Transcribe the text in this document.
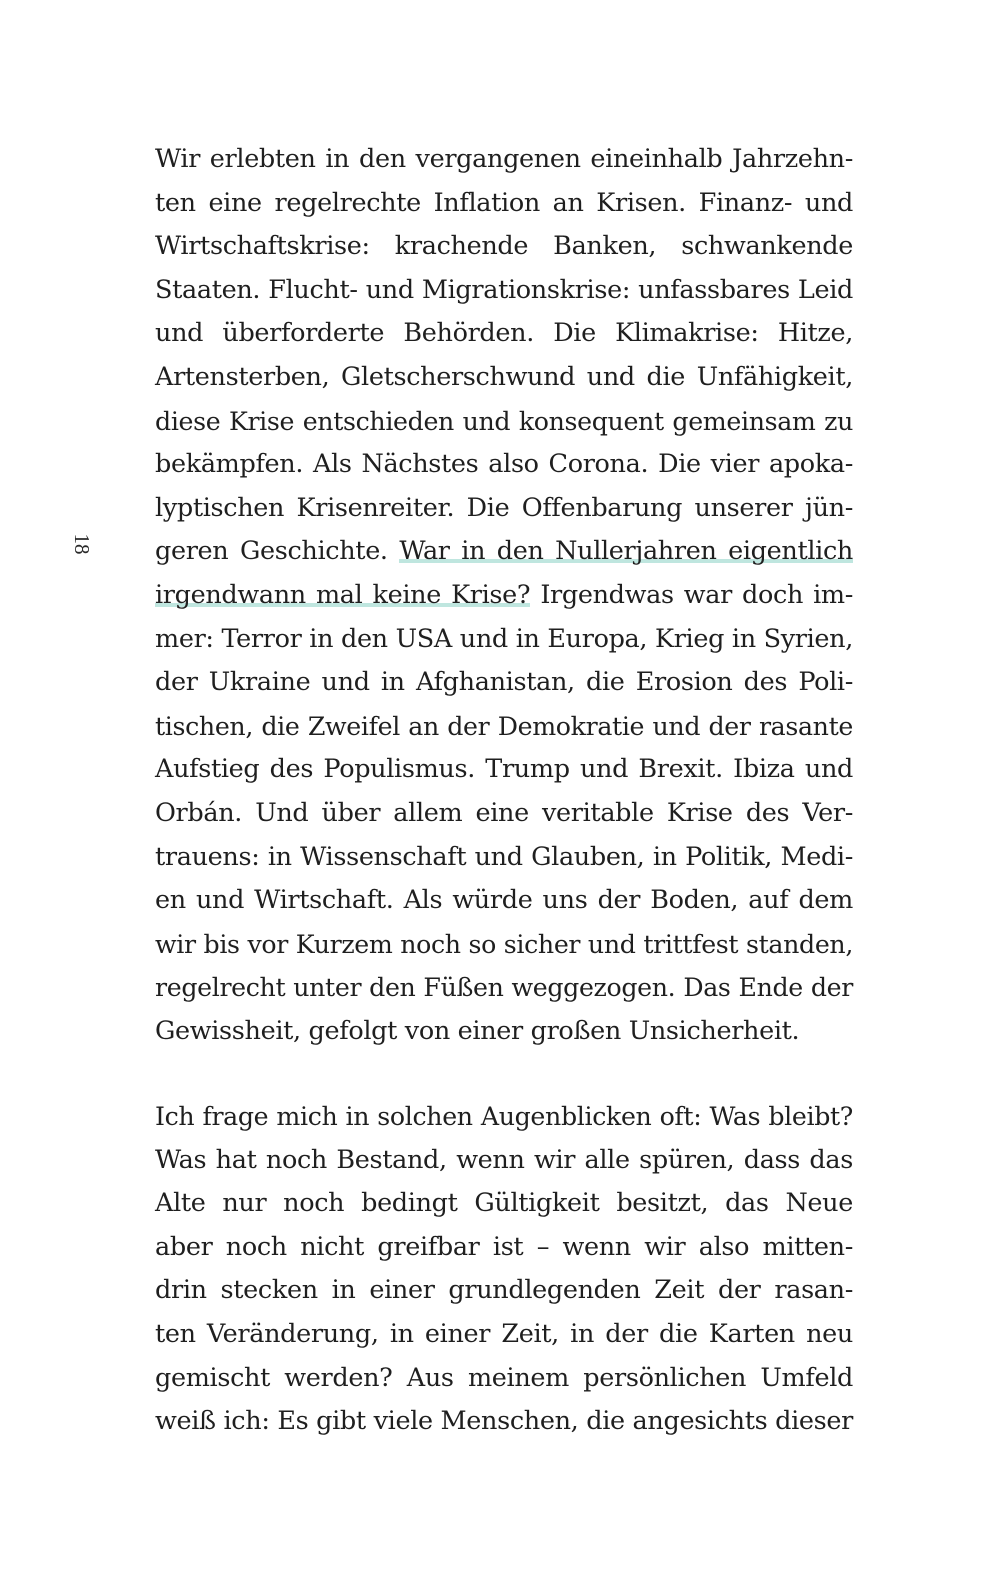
18
Wir erlebten in den vergangenen eineinhalb Jahrzehn-
ten eine regelrechte Inflation an Krisen. Finanz- und
Wirtschaftskrise: krachende Banken, schwankende
Staaten. Flucht- und Migrationskrise: unfassbares Leid
und überforderte Behörden. Die Klimakrise: Hitze,
Artensterben, Gletscherschwund und die Unfähigkeit,
diese Krise entschieden und konsequent gemeinsam zu
bekämpfen. Als Nächstes also Corona. Die vier apoka-
lyptischen Krisenreiter. Die Offenbarung unserer jün-
geren Geschichte. War in den Nullerjahren eigentlich
irgendwann mal keine Krise? Irgendwas war doch im-
mer: Terror in den USA und in Europa, Krieg in Syrien,
der Ukraine und in Afghanistan, die Erosion des Poli-
tischen, die Zweifel an der Demokratie und der rasante
Aufstieg des Populismus. Trump und Brexit. Ibiza und
Orbán. Und über allem eine veritable Krise des Ver-
trauens: in Wissenschaft und Glauben, in Politik, Medi-
en und Wirtschaft. Als würde uns der Boden, auf dem
wir bis vor Kurzem noch so sicher und trittfest standen,
regelrecht unter den Füßen weggezogen. Das Ende der
Gewissheit, gefolgt von einer großen Unsicherheit.
Ich frage mich in solchen Augenblicken oft: Was bleibt?
Was hat noch Bestand, wenn wir alle spüren, dass das
Alte nur noch bedingt Gültigkeit besitzt, das Neue
aber noch nicht greifbar ist – wenn wir also mitten-
drin stecken in einer grundlegenden Zeit der rasan-
ten Veränderung, in einer Zeit, in der die Karten neu
gemischt werden? Aus meinem persönlichen Umfeld
weiß ich: Es gibt viele Menschen, die angesichts dieser
